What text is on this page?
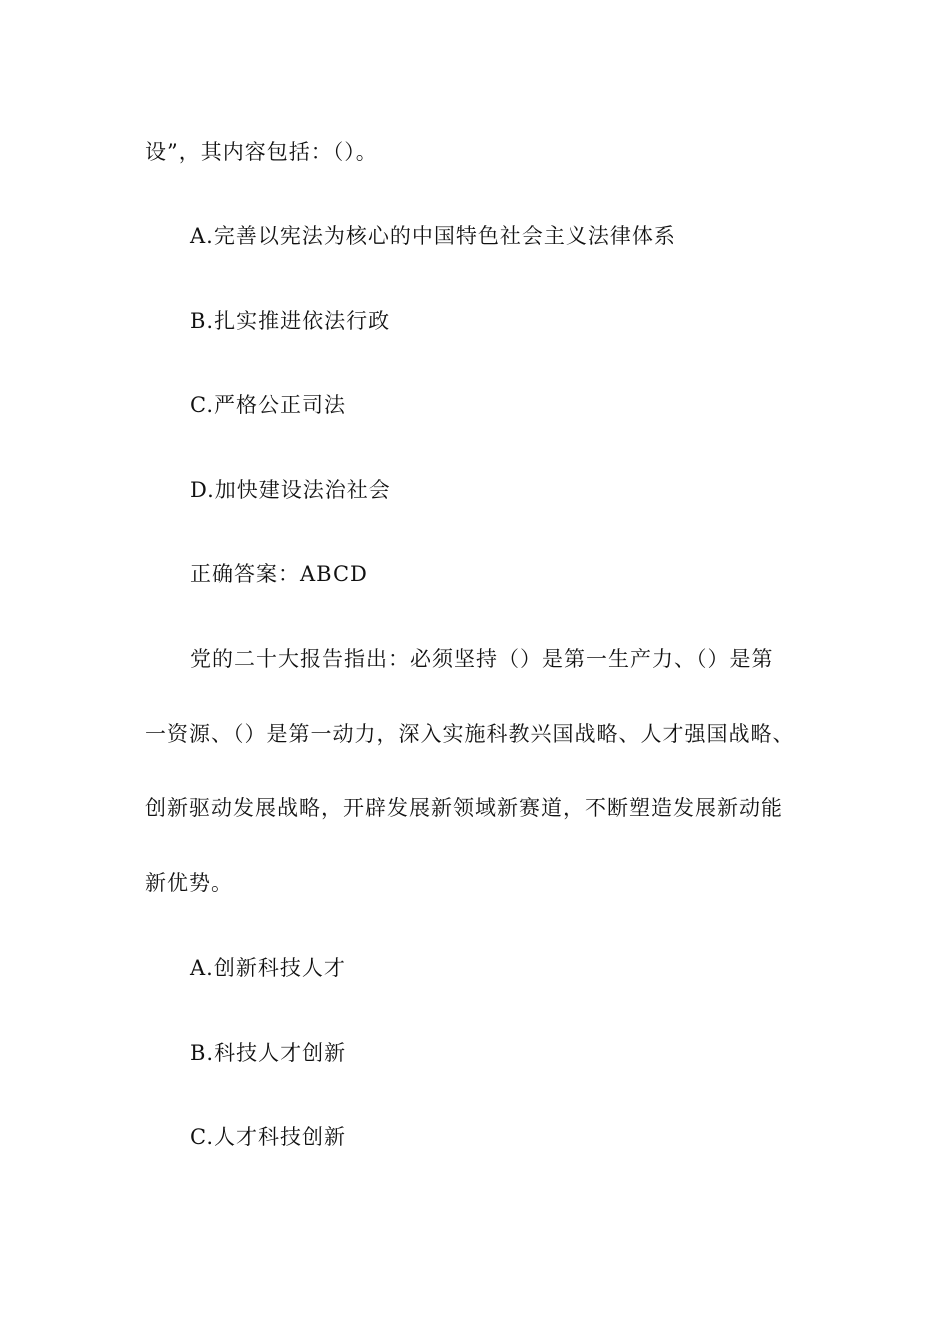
设”，其内容包括：（）。
A.完善以宪法为核心的中国特色社会主义法律体系
B.扎实推进依法行政
C.严格公正司法
D.加快建设法治社会
正确答案：ABCD
党的二十大报告指出：必须坚持（）是第一生产力、（）是第
一资源、（）是第一动力，深入实施科教兴国战略、人才强国战略、
创新驱动发展战略，开辟发展新领域新赛道，不断塑造发展新动能
新优势。
A.创新科技人才
B.科技人才创新
C.人才科技创新
